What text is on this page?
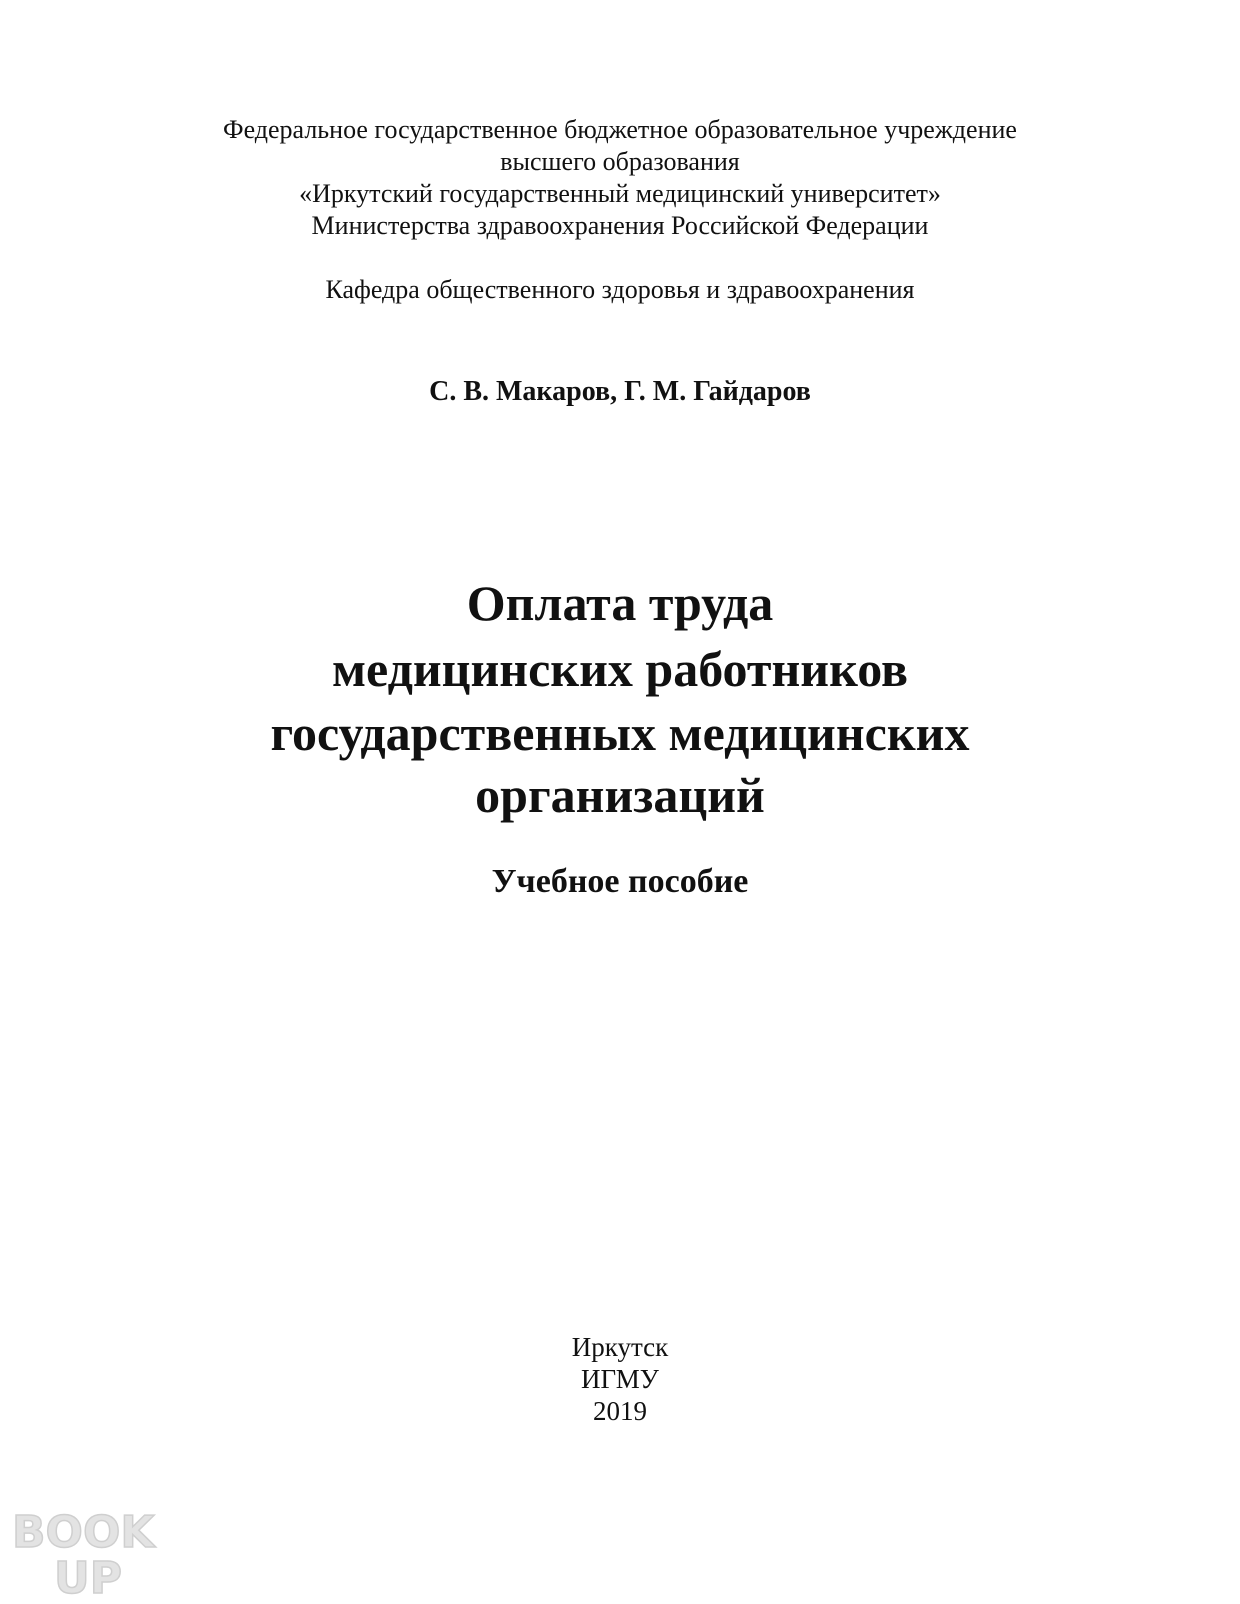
Федеральное государственное бюджетное образовательное учреждение

высшего образования

«Иркутский государственный медицинский университет»

Министерства здравоохранения Российской Федерации

Кафедра общественного здоровья и здравоохранения

С. В. Макаров, Г. М. Гайдаров

Оплата труда

медицинских работников

государственных медицинских

организаций

Учебное пособие

Иркутск

ИГМУ

2019

BOOK
UP
